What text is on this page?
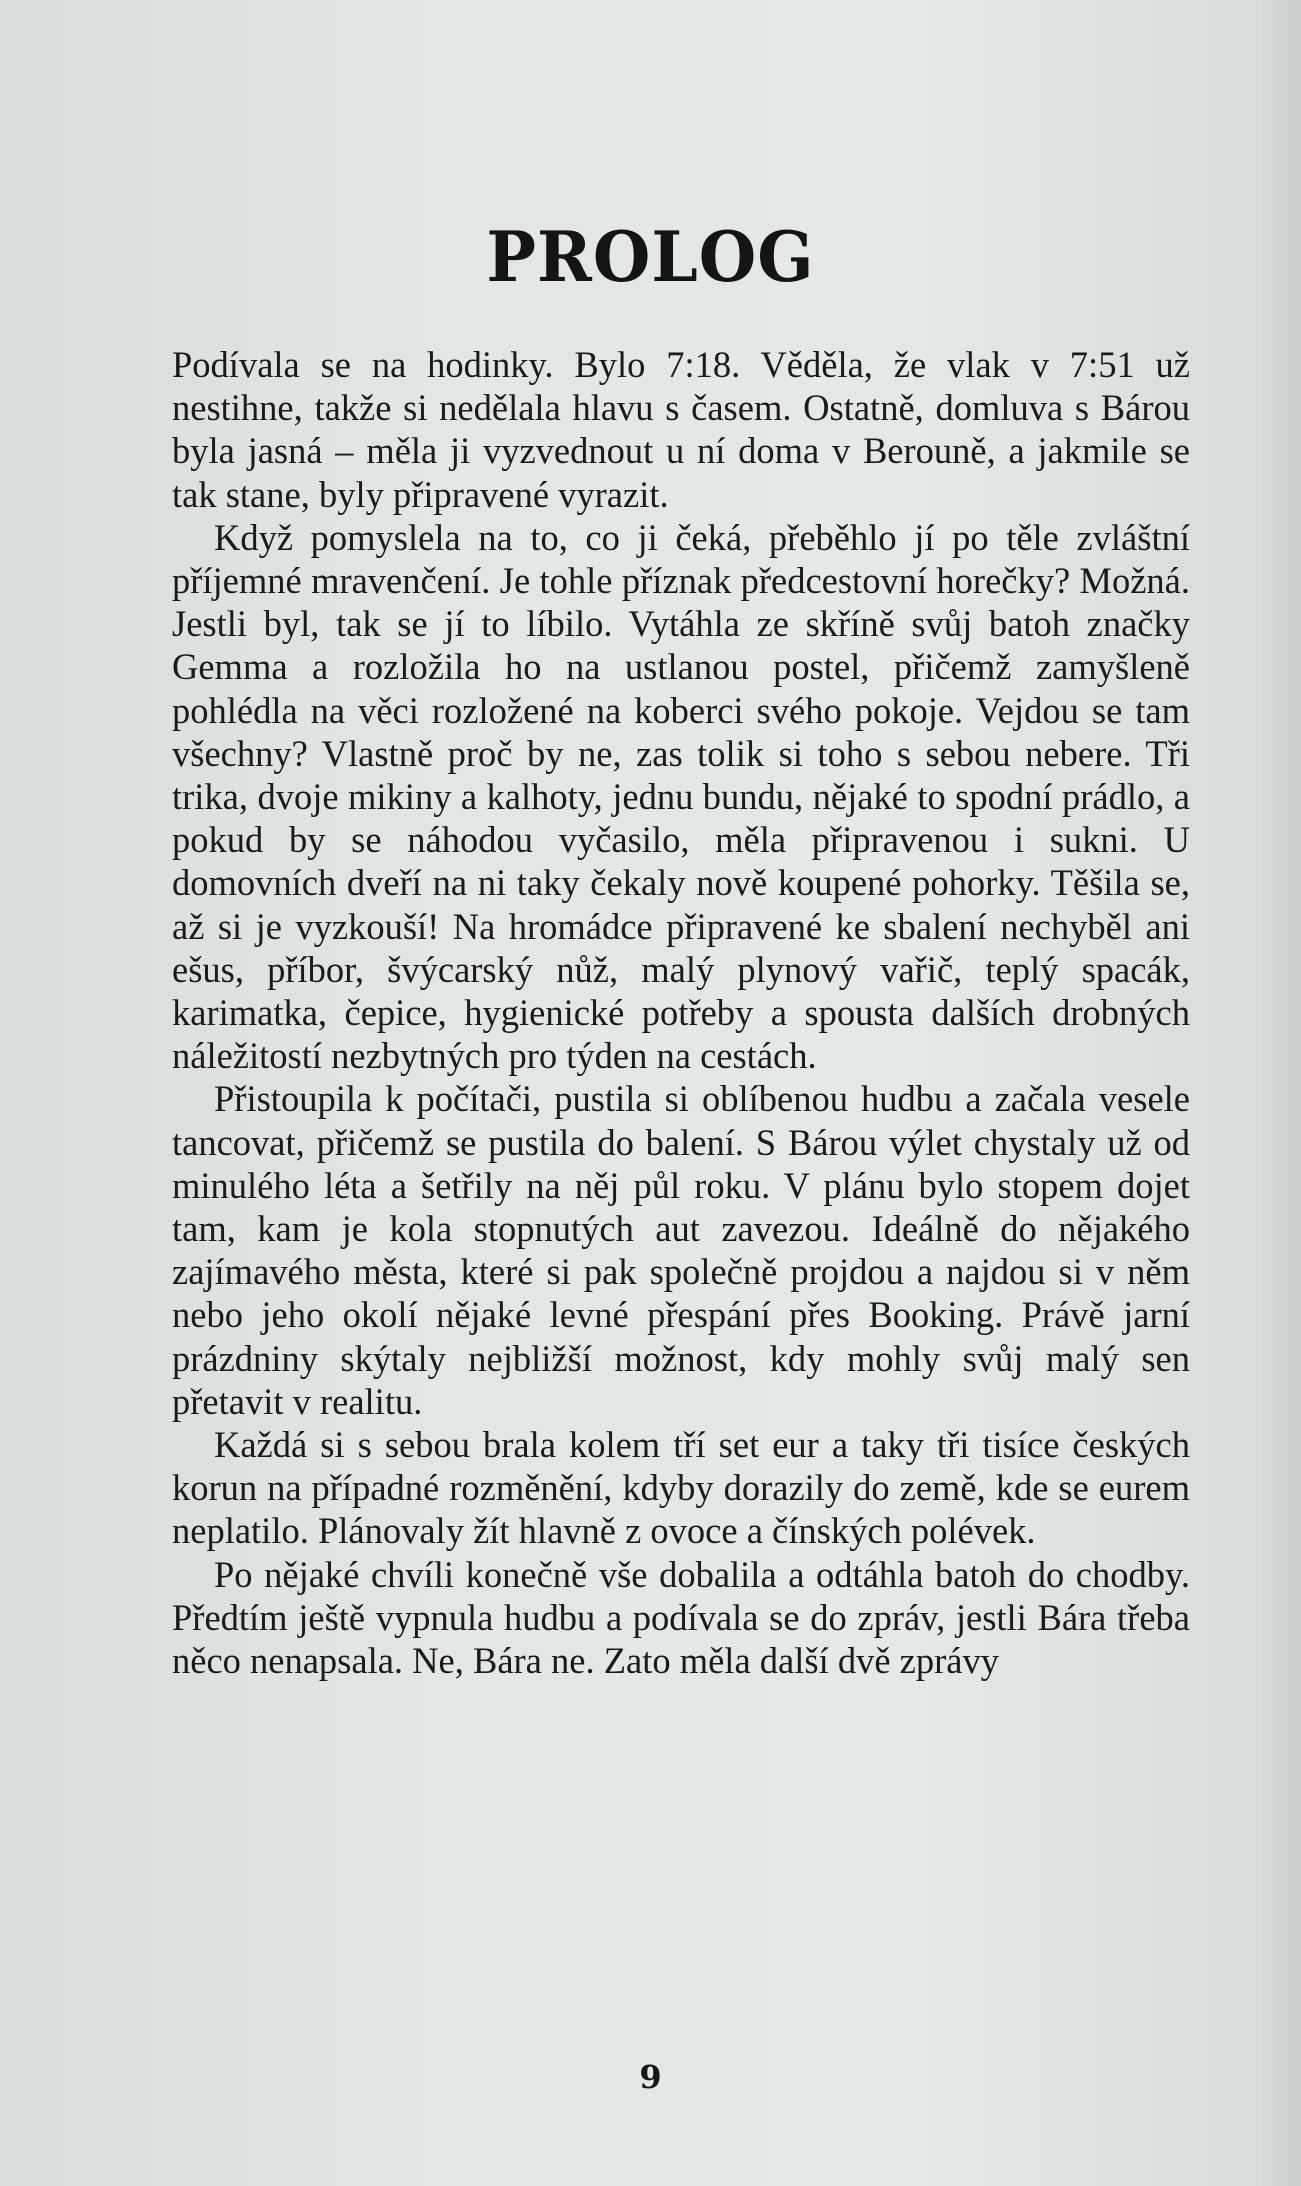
PROLOG

Podívala se na hodinky. Bylo 7:18. Věděla, že vlak v 7:51 už nestihne, takže si nedělala hlavu s časem. Ostatně, domluva s Bárou byla jasná – měla ji vyzvednout u ní doma v Berouně, a jakmile se tak stane, byly připravené vyrazit.

Když pomyslela na to, co ji čeká, přeběhlo jí po těle zvláštní příjemné mravenčení. Je tohle příznak předcestovní horečky? Možná. Jestli byl, tak se jí to líbilo. Vytáhla ze skříně svůj batoh značky Gemma a rozložila ho na ustlanou postel, přičemž zamyšleně pohlédla na věci rozložené na koberci svého pokoje. Vejdou se tam všechny? Vlastně proč by ne, zas tolik si toho s sebou nebere. Tři trika, dvoje mikiny a kalhoty, jednu bundu, nějaké to spodní prádlo, a pokud by se náhodou vyčasilo, měla připravenou i sukni. U domovních dveří na ni taky čekaly nově koupené pohorky. Těšila se, až si je vyzkouší! Na hromádce připravené ke sbalení nechyběl ani ešus, příbor, švýcarský nůž, malý plynový vařič, teplý spacák, karimatka, čepice, hygienické potřeby a spousta dalších drobných náležitostí nezbytných pro týden na cestách.

Přistoupila k počítači, pustila si oblíbenou hudbu a začala vesele tancovat, přičemž se pustila do balení. S Bárou výlet chystaly už od minulého léta a šetřily na něj půl roku. V plánu bylo stopem dojet tam, kam je kola stopnutých aut zavezou. Ideálně do nějakého zajímavého města, které si pak společně projdou a najdou si v něm nebo jeho okolí nějaké levné přespání přes Booking. Právě jarní prázdniny skýtaly nejbližší možnost, kdy mohly svůj malý sen přetavit v realitu.

Každá si s sebou brala kolem tří set eur a taky tři tisíce českých korun na případné rozměnění, kdyby dorazily do země, kde se eurem neplatilo. Plánovaly žít hlavně z ovoce a čínských polévek.

Po nějaké chvíli konečně vše dobalila a odtáhla batoh do chodby. Předtím ještě vypnula hudbu a podívala se do zpráv, jestli Bára třeba něco nenapsala. Ne, Bára ne. Zato měla další dvě zprávy

9
